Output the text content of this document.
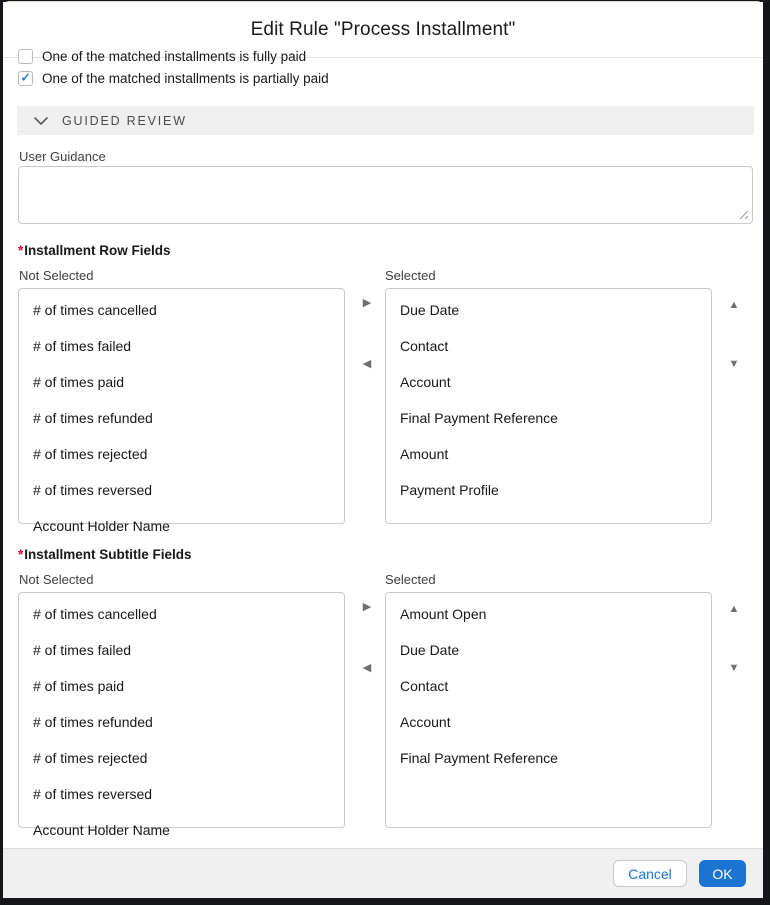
Edit Rule "Process Installment"
One of the matched installments is fully paid
✓ One of the matched installments is partially paid
GUIDED REVIEW
User Guidance
*Installment Row Fields
Not Selected	Selected
# of times cancelled
# of times failed
# of times paid
# of times refunded
# of times rejected
# of times reversed
Account Holder Name
Due Date
Contact
Account
Final Payment Reference
Amount
Payment Profile
▶
◀
▲
▼
*Installment Subtitle Fields
Not Selected	Selected
# of times cancelled
# of times failed
# of times paid
# of times refunded
# of times rejected
# of times reversed
Account Holder Name
Amount Open
Due Date
Contact
Account
Final Payment Reference
▶
◀
▲
▼
Cancel	OK
